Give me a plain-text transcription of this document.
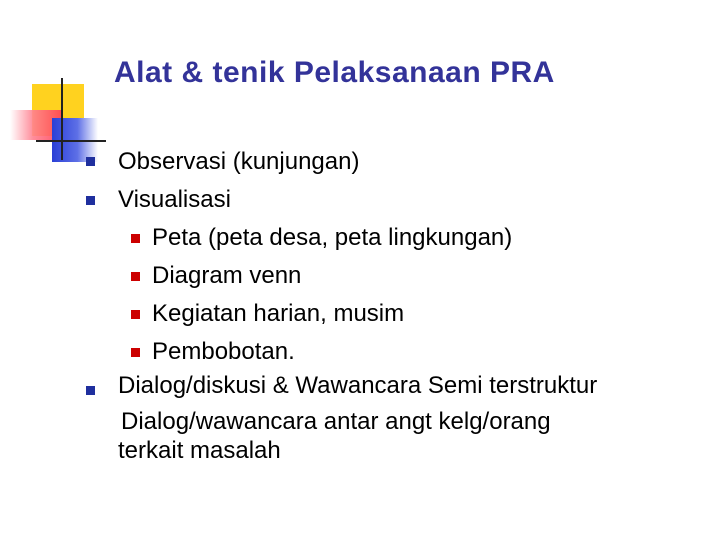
Alat & tenik Pelaksanaan PRA
Observasi (kunjungan)
Visualisasi
Peta (peta desa, peta lingkungan)
Diagram venn
Kegiatan harian, musim
Pembobotan.
Dialog/diskusi & Wawancara Semi terstruktur
Dialog/wawancara antar angt kelg/orang
terkait masalah
